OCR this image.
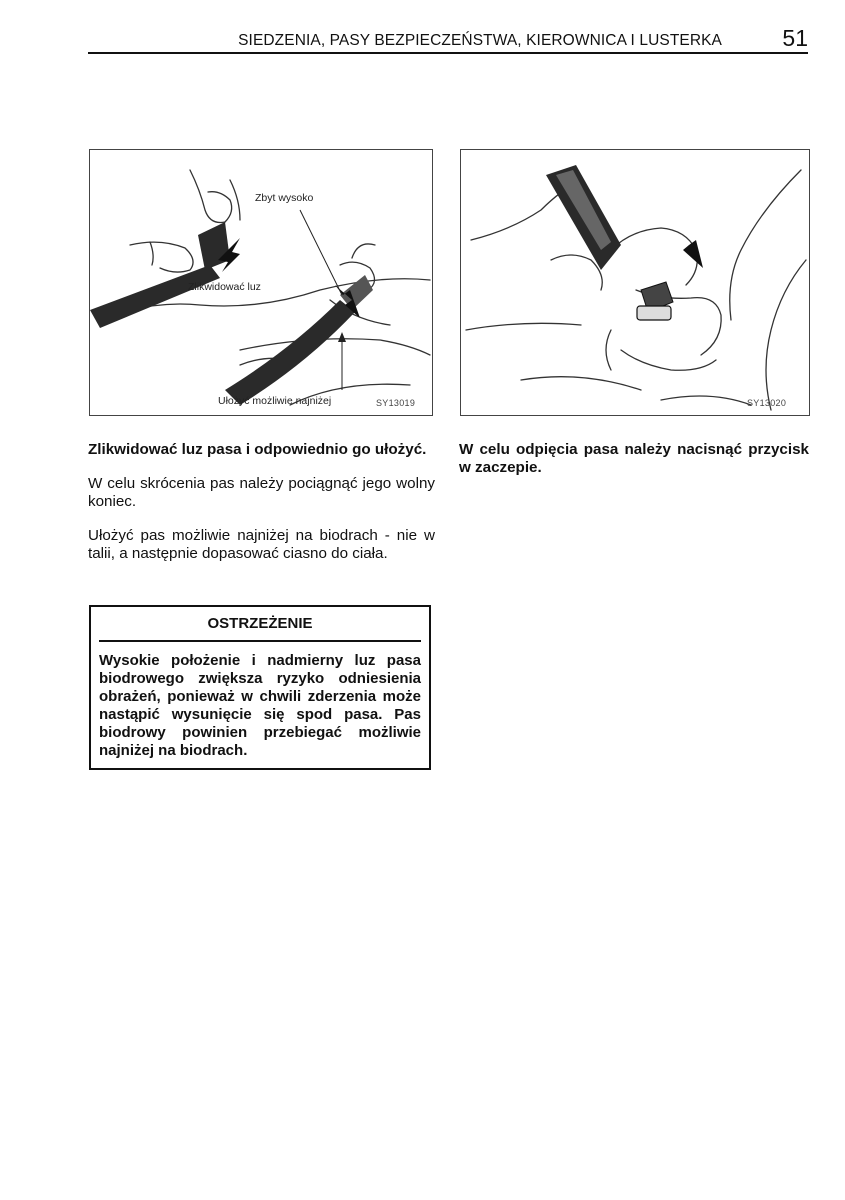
SIEDZENIA, PASY BEZPIECZEŃSTWA, KIEROWNICA I LUSTERKA	51
Zbyt wysoko
Zlikwidować luz
Ułożyć możliwie najniżej	SY13019	SY13020

Zlikwidować luz pasa i odpowiednio go ułożyć.

W celu skrócenia pas należy pociągnąć jego wolny koniec.

Ułożyć pas możliwie najniżej na biodrach - nie w talii, a następnie dopasować ciasno do ciała.

OSTRZEŻENIE
Wysokie położenie i nadmierny luz pasa biodrowego zwiększa ryzyko odniesienia obrażeń, ponieważ w chwili zderzenia może nastąpić wysunięcie się spod pasa. Pas biodrowy powinien przebiegać możliwie najniżej na biodrach.

W celu odpięcia pasa należy nacisnąć przycisk w zaczepie.
